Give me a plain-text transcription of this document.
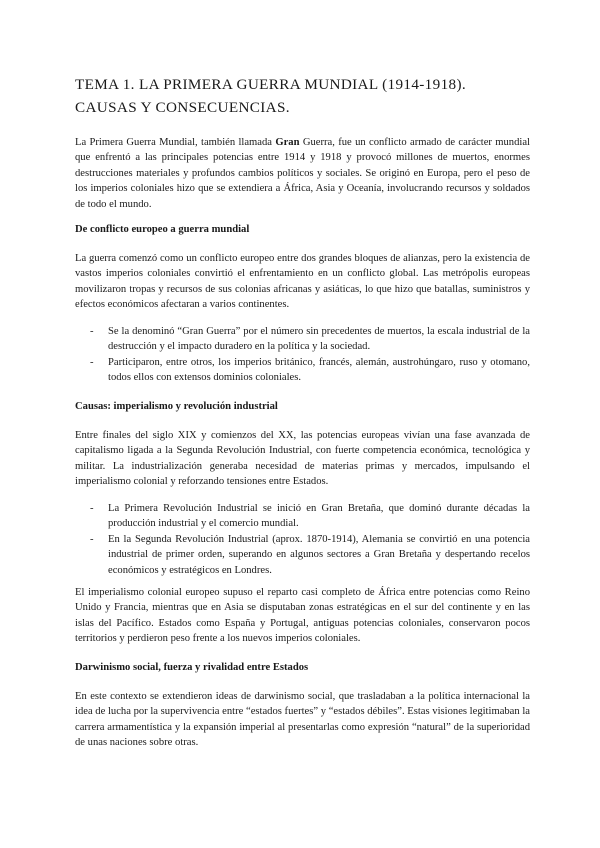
TEMA 1. LA PRIMERA GUERRA MUNDIAL (1914-1918). CAUSAS Y CONSECUENCIAS.

La Primera Guerra Mundial, también llamada Gran Guerra, fue un conflicto armado de carácter mundial que enfrentó a las principales potencias entre 1914 y 1918 y provocó millones de muertos, enormes destrucciones materiales y profundos cambios políticos y sociales. Se originó en Europa, pero el peso de los imperios coloniales hizo que se extendiera a África, Asia y Oceanía, involucrando recursos y soldados de todo el mundo.

De conflicto europeo a guerra mundial

La guerra comenzó como un conflicto europeo entre dos grandes bloques de alianzas, pero la existencia de vastos imperios coloniales convirtió el enfrentamiento en un conflicto global. Las metrópolis europeas movilizaron tropas y recursos de sus colonias africanas y asiáticas, lo que hizo que batallas, suministros y efectos económicos afectaran a varios continentes.

- Se la denominó “Gran Guerra” por el número sin precedentes de muertos, la escala industrial de la destrucción y el impacto duradero en la política y la sociedad.
- Participaron, entre otros, los imperios británico, francés, alemán, austrohúngaro, ruso y otomano, todos ellos con extensos dominios coloniales.
Causas: imperialismo y revolución industrial

Entre finales del siglo XIX y comienzos del XX, las potencias europeas vivían una fase avanzada de capitalismo ligada a la Segunda Revolución Industrial, con fuerte competencia económica, tecnológica y militar. La industrialización generaba necesidad de materias primas y mercados, impulsando el imperialismo colonial y reforzando tensiones entre Estados.

- La Primera Revolución Industrial se inició en Gran Bretaña, que dominó durante décadas la producción industrial y el comercio mundial.
- En la Segunda Revolución Industrial (aprox. 1870-1914), Alemania se convirtió en una potencia industrial de primer orden, superando en algunos sectores a Gran Bretaña y despertando recelos económicos y estratégicos en Londres.

El imperialismo colonial europeo supuso el reparto casi completo de África entre potencias como Reino Unido y Francia, mientras que en Asia se disputaban zonas estratégicas en el sur del continente y en las islas del Pacífico. Estados como España y Portugal, antiguas potencias coloniales, conservaron pocos territorios y perdieron peso frente a los nuevos imperios coloniales.

Darwinismo social, fuerza y rivalidad entre Estados

En este contexto se extendieron ideas de darwinismo social, que trasladaban a la política internacional la idea de lucha por la supervivencia entre “estados fuertes” y “estados débiles”. Estas visiones legitimaban la carrera armamentística y la expansión imperial al presentarlas como expresión “natural” de la superioridad de unas naciones sobre otras.
